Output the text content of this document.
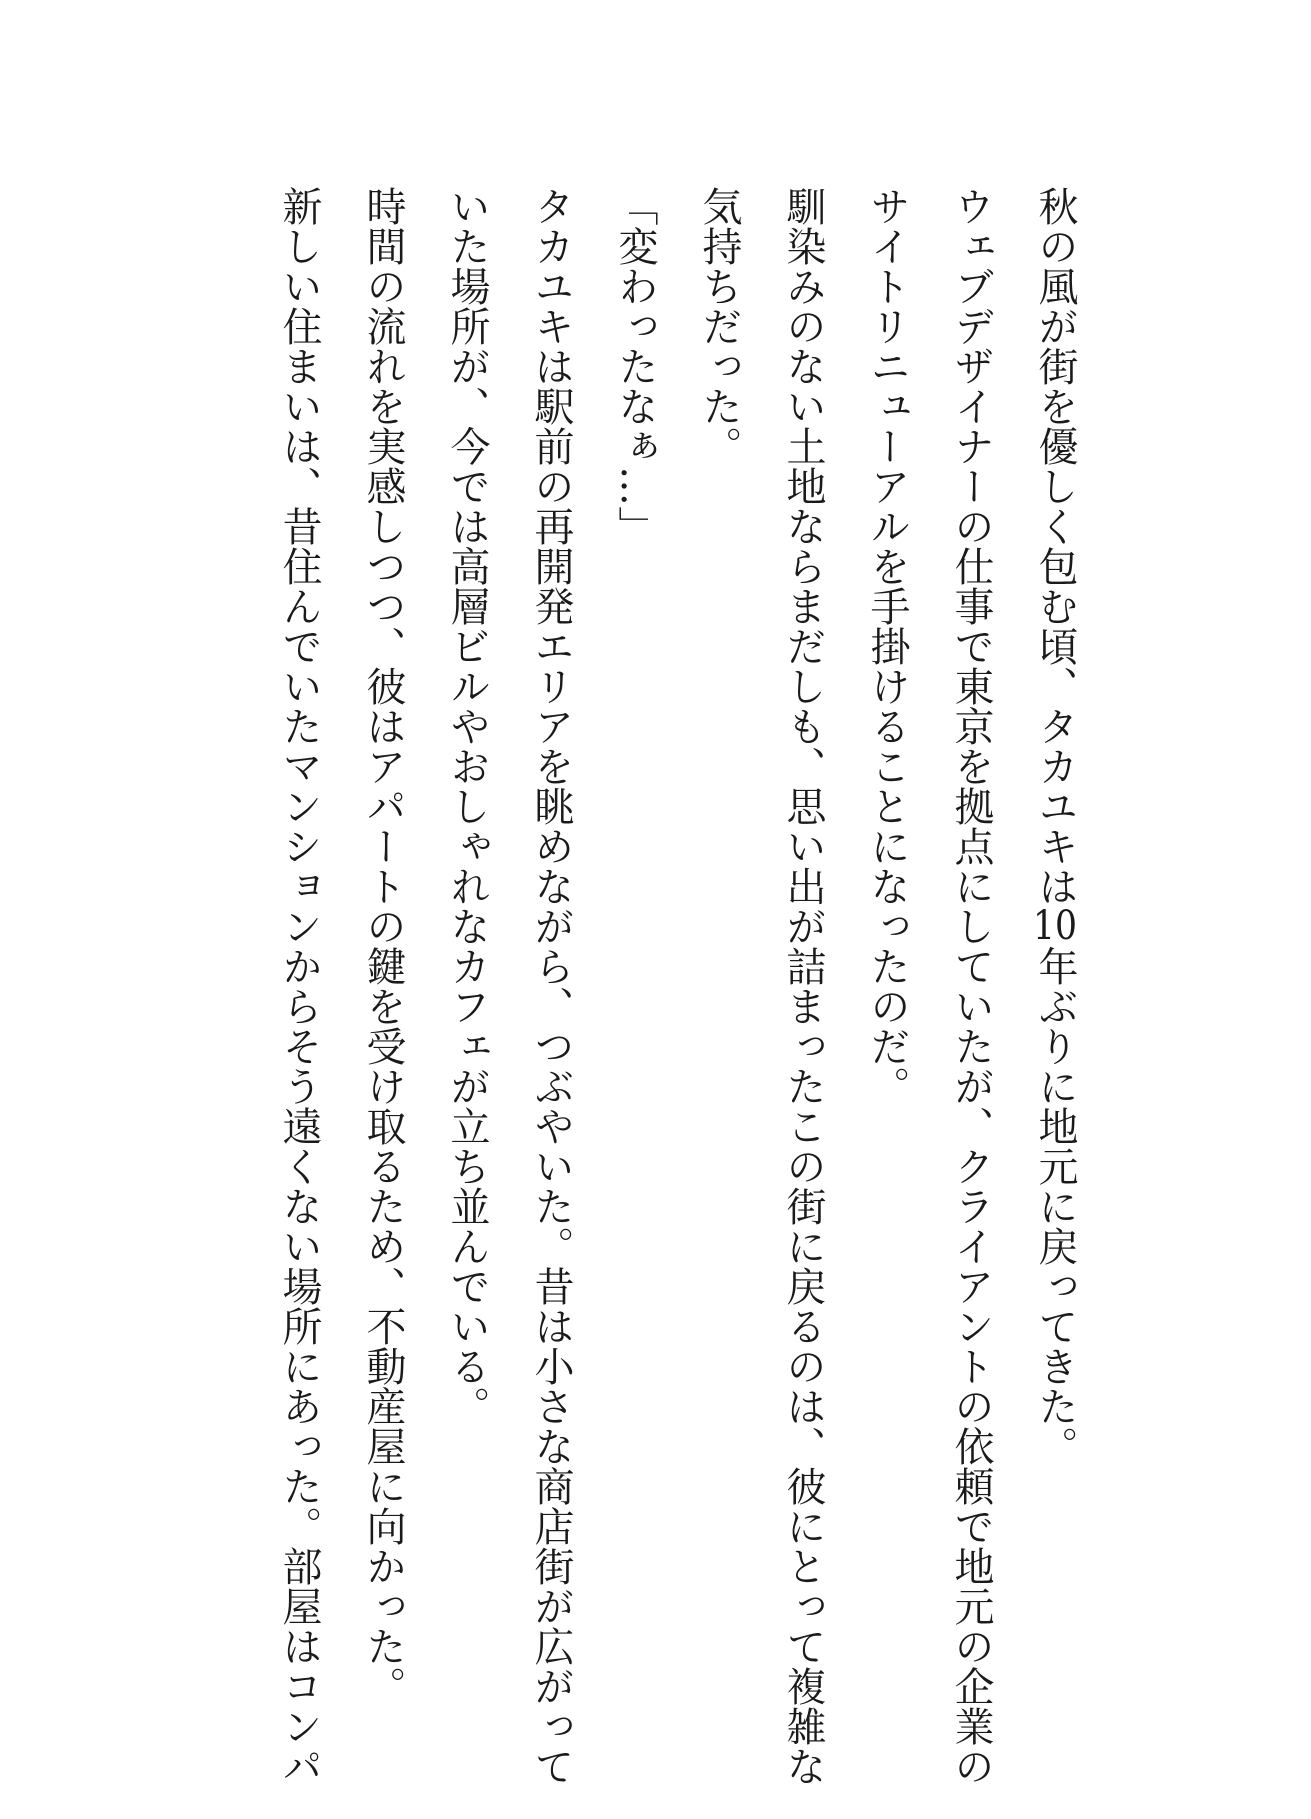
秋の風が街を優しく包む頃、タカユキは10年ぶりに地元に戻ってきた。
ウェブデザイナーの仕事で東京を拠点にしていたが、クライアントの依頼で地元の企業の
サイトリニューアルを手掛けることになったのだ。
馴染みのない土地ならまだしも、思い出が詰まったこの街に戻るのは、彼にとって複雑な
気持ちだった。
「変わったなぁ…」
タカユキは駅前の再開発エリアを眺めながら、つぶやいた。昔は小さな商店街が広がって
いた場所が、今では高層ビルやおしゃれなカフェが立ち並んでいる。
時間の流れを実感しつつ、彼はアパートの鍵を受け取るため、不動産屋に向かった。
新しい住まいは、昔住んでいたマンションからそう遠くない場所にあった。部屋はコンパ
